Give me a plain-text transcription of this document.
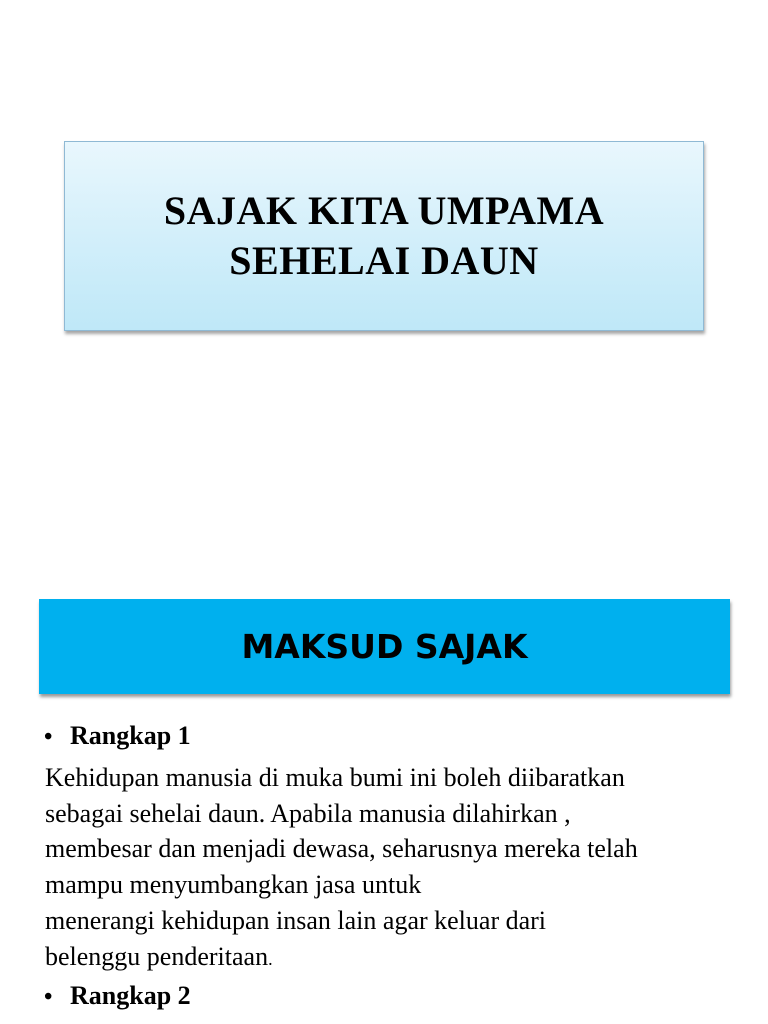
SAJAK KITA UMPAMA
SEHELAI DAUN
MAKSUD SAJAK
• Rangkap 1
Kehidupan manusia di muka bumi ini boleh diibaratkan
sebagai sehelai daun. Apabila manusia dilahirkan ,
membesar dan menjadi dewasa, seharusnya mereka telah
mampu menyumbangkan jasa untuk
menerangi kehidupan insan lain agar keluar dari
belenggu penderitaan.
• Rangkap 2
